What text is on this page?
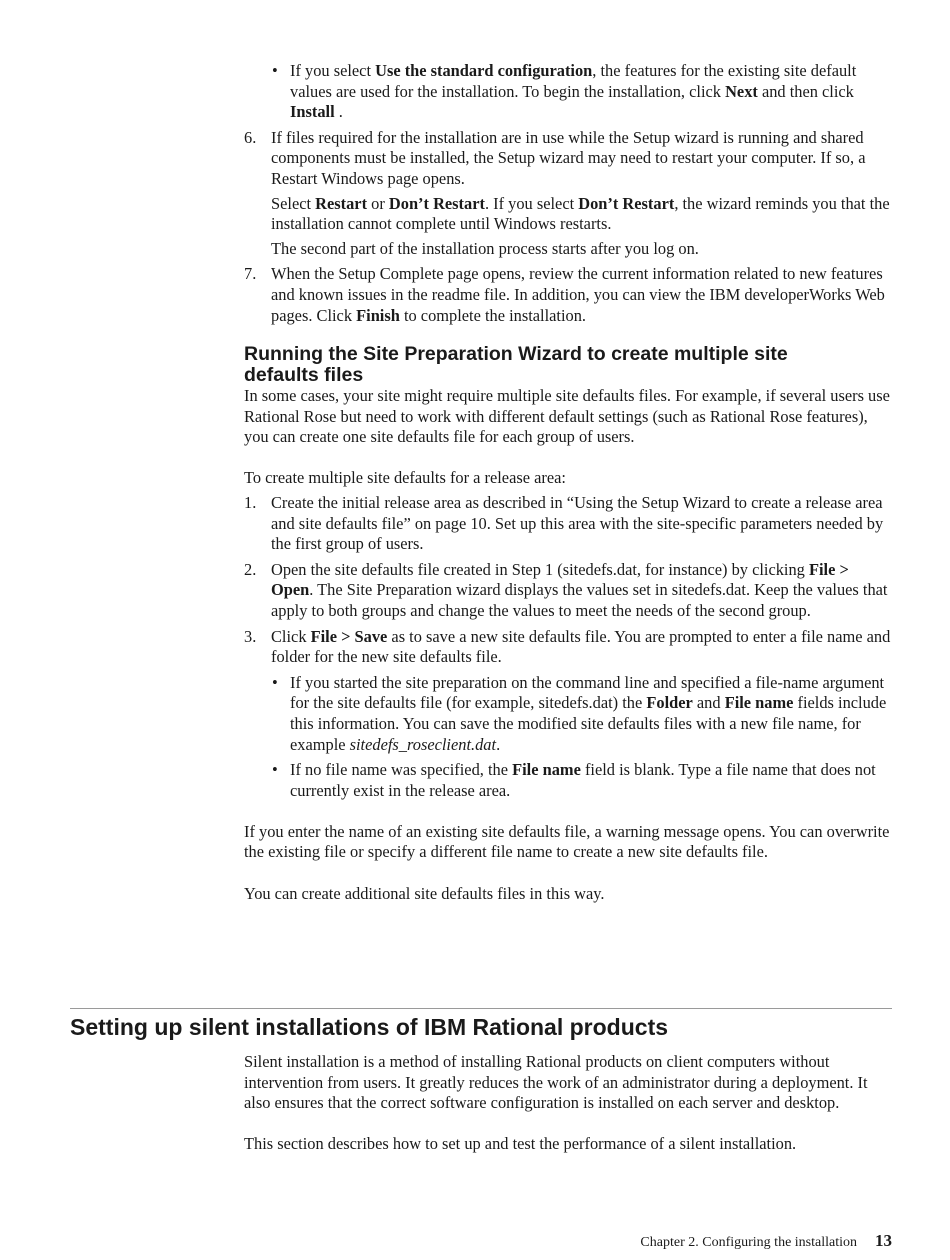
• If you select Use the standard configuration, the features for the existing site default values are used for the installation. To begin the installation, click Next and then click Install .

6. If files required for the installation are in use while the Setup wizard is running and shared components must be installed, the Setup wizard may need to restart your computer. If so, a Restart Windows page opens.

Select Restart or Don’t Restart. If you select Don’t Restart, the wizard reminds you that the installation cannot complete until Windows restarts.

The second part of the installation process starts after you log on.

7. When the Setup Complete page opens, review the current information related to new features and known issues in the readme file. In addition, you can view the IBM developerWorks Web pages. Click Finish to complete the installation.

Running the Site Preparation Wizard to create multiple site defaults files

In some cases, your site might require multiple site defaults files. For example, if several users use Rational Rose but need to work with different default settings (such as Rational Rose features), you can create one site defaults file for each group of users.

To create multiple site defaults for a release area:

1. Create the initial release area as described in “Using the Setup Wizard to create a release area and site defaults file” on page 10. Set up this area with the site-specific parameters needed by the first group of users.

2. Open the site defaults file created in Step 1 (sitedefs.dat, for instance) by clicking File > Open. The Site Preparation wizard displays the values set in sitedefs.dat. Keep the values that apply to both groups and change the values to meet the needs of the second group.

3. Click File > Save as to save a new site defaults file. You are prompted to enter a file name and folder for the new site defaults file.

• If you started the site preparation on the command line and specified a file-name argument for the site defaults file (for example, sitedefs.dat) the Folder and File name fields include this information. You can save the modified site defaults files with a new file name, for example sitedefs_roseclient.dat.

• If no file name was specified, the File name field is blank. Type a file name that does not currently exist in the release area.

If you enter the name of an existing site defaults file, a warning message opens. You can overwrite the existing file or specify a different file name to create a new site defaults file.

You can create additional site defaults files in this way.

Setting up silent installations of IBM Rational products

Silent installation is a method of installing Rational products on client computers without intervention from users. It greatly reduces the work of an administrator during a deployment. It also ensures that the correct software configuration is installed on each server and desktop.

This section describes how to set up and test the performance of a silent installation.

Chapter 2. Configuring the installation 13
